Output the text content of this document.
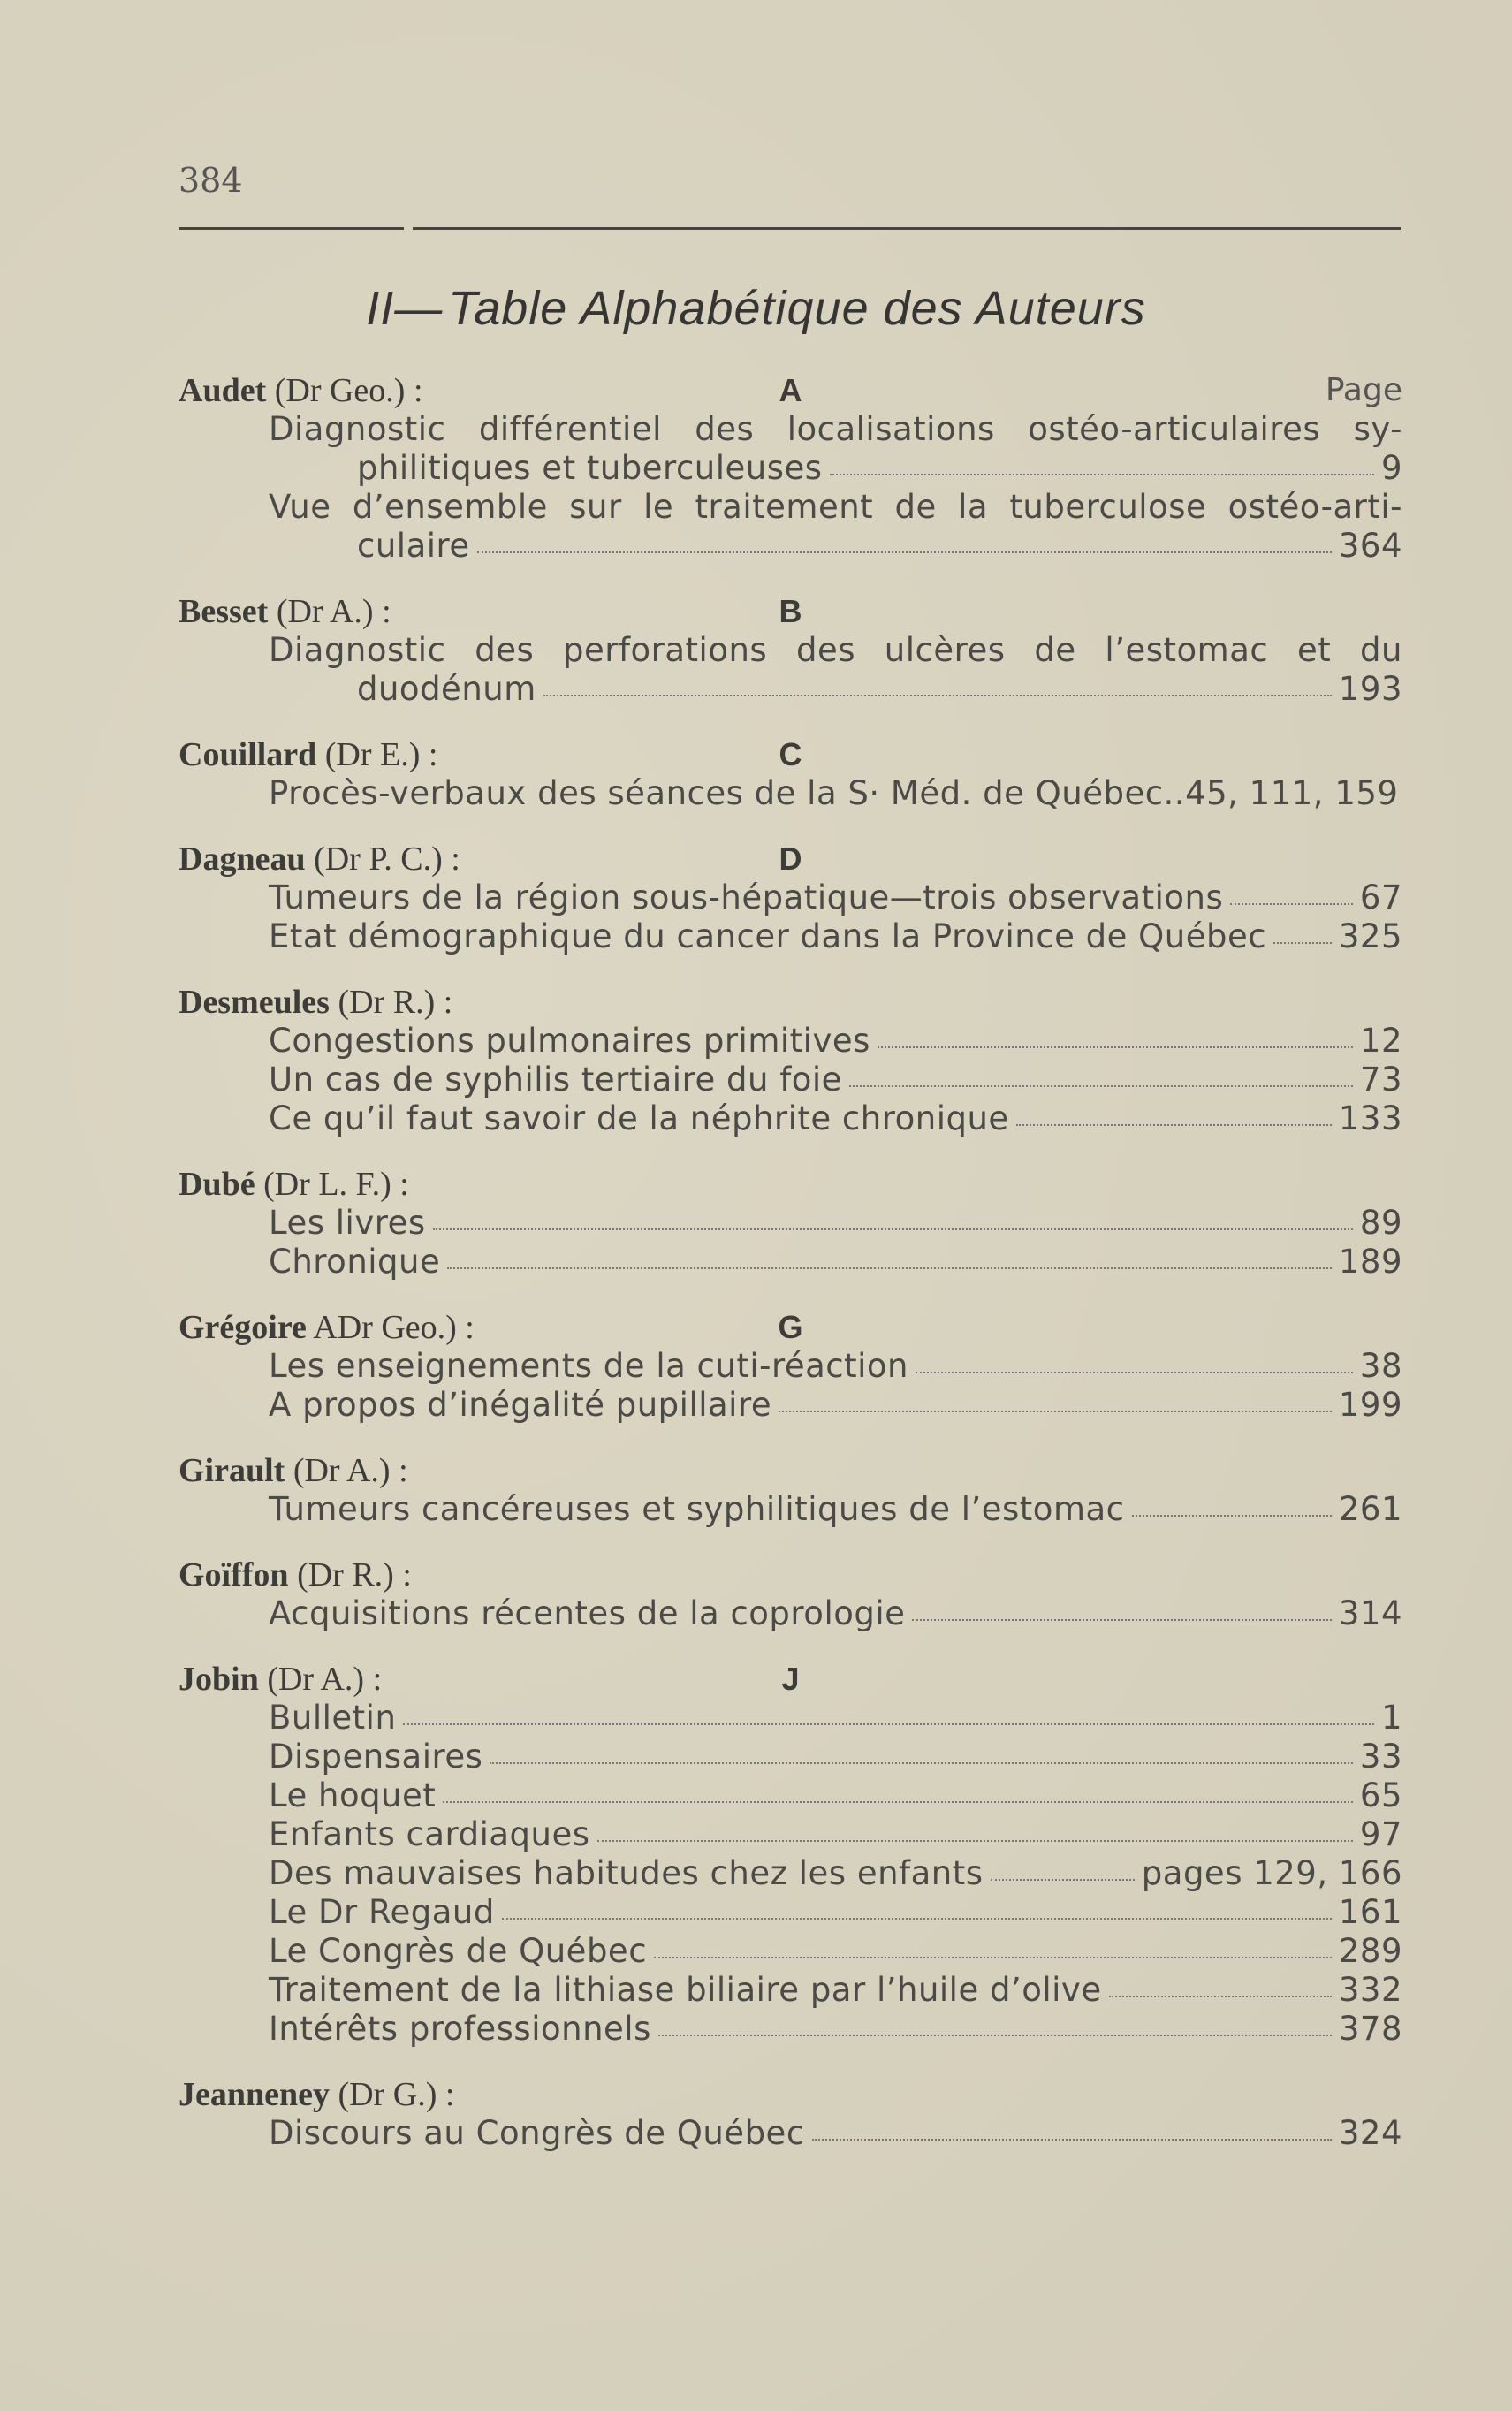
384
II— Table Alphabétique des Auteurs
Audet (Dr Geo.) :	A	Page
Diagnostic différentiel des localisations ostéo-articulaires sy-
philitiques et tuberculeuses	9
Vue d’ensemble sur le traitement de la tuberculose ostéo-arti-
culaire	364
Besset (Dr A.) :	B
Diagnostic des perforations des ulcères de l’estomac et du
duodénum	193
Couillard (Dr E.) :	C
Procès-verbaux des séances de la S· Méd. de Québec..45, 111, 159
Dagneau (Dr P. C.) :	D
Tumeurs de la région sous-hépatique—trois observations	67
Etat démographique du cancer dans la Province de Québec 325
Desmeules (Dr R.) :
Congestions pulmonaires primitives	12
Un cas de syphilis tertiaire du foie	73
Ce qu’il faut savoir de la néphrite chronique	133
Dubé (Dr L. F.) :
Les livres	89
Chronique	189
Grégoire ADr Geo.) :	G
Les enseignements de la cuti-réaction	38
A propos d’inégalité pupillaire	199
Girault (Dr A.) :
Tumeurs cancéreuses et syphilitiques de l’estomac	261
Goïffon (Dr R.) :
Acquisitions récentes de la coprologie	314
Jobin (Dr A.) :	J
Bulletin	1
Dispensaires	33
Le hoquet	65
Enfants cardiaques	97
Des mauvaises habitudes chez les enfants	pages 129, 166
Le Dr Regaud	161
Le Congrès de Québec	289
Traitement de la lithiase biliaire par l’huile d’olive	332
Intérêts professionnels	378
Jeanneney (Dr G.) :
Discours au Congrès de Québec	324
